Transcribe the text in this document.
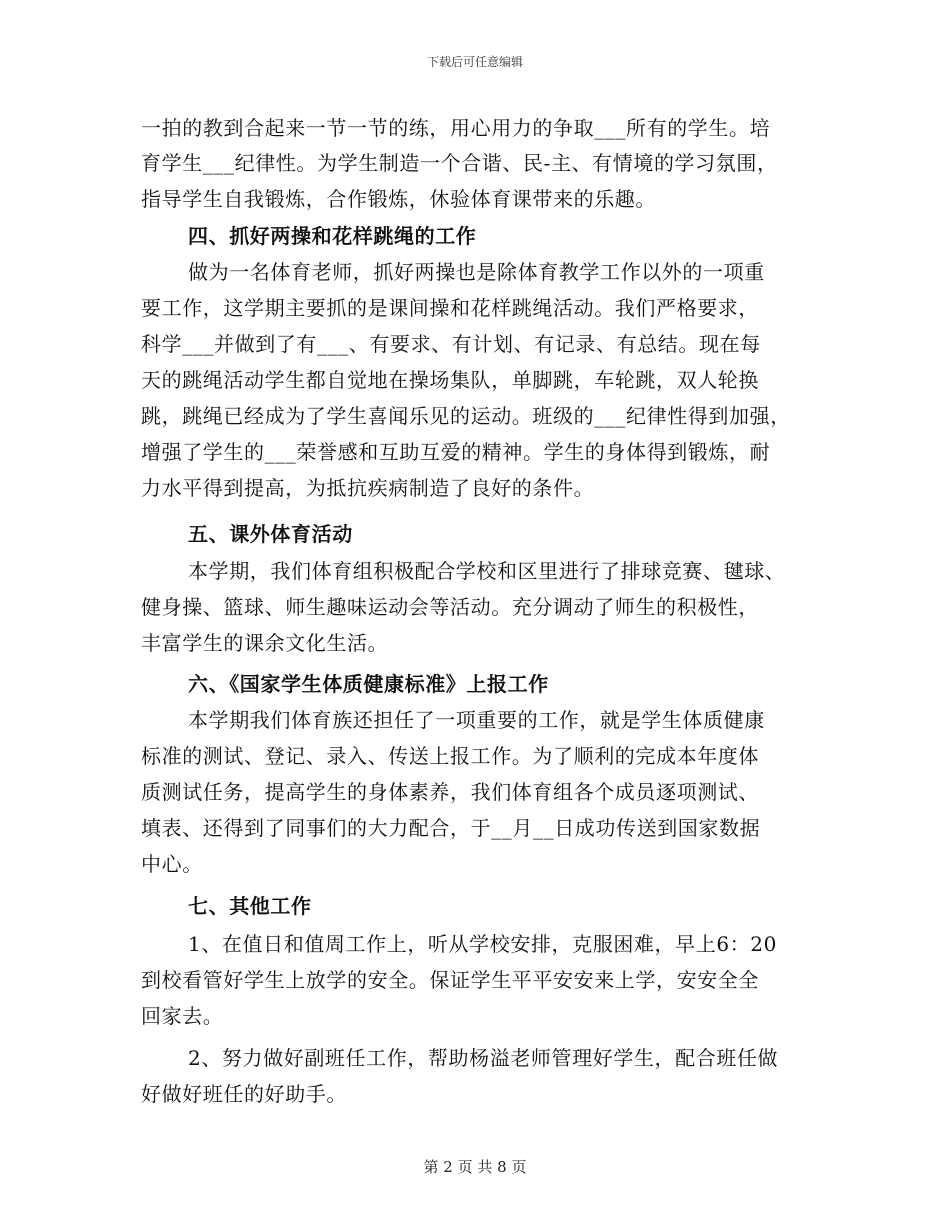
下载后可任意编辑
一拍的教到合起来一节一节的练，用心用力的争取___所有的学生。培
育学生___纪律性。为学生制造一个合谐、民-主、有情境的学习氛围，
指导学生自我锻炼，合作锻炼，休验体育课带来的乐趣。
四、抓好两操和花样跳绳的工作
做为一名体育老师，抓好两操也是除体育教学工作以外的一项重
要工作，这学期主要抓的是课间操和花样跳绳活动。我们严格要求，
科学___并做到了有___、有要求、有计划、有记录、有总结。现在每
天的跳绳活动学生都自觉地在操场集队，单脚跳，车轮跳，双人轮换
跳，跳绳已经成为了学生喜闻乐见的运动。班级的___纪律性得到加强，
增强了学生的___荣誉感和互助互爱的精神。学生的身体得到锻炼，耐
力水平得到提高，为抵抗疾病制造了良好的条件。
五、课外体育活动
本学期，我们体育组积极配合学校和区里进行了排球竞赛、毽球、
健身操、篮球、师生趣味运动会等活动。充分调动了师生的积极性，
丰富学生的课余文化生活。
六、《国家学生体质健康标准》上报工作
本学期我们体育族还担任了一项重要的工作，就是学生体质健康
标准的测试、登记、录入、传送上报工作。为了顺利的完成本年度体
质测试任务，提高学生的身体素养，我们体育组各个成员逐项测试、
填表、还得到了同事们的大力配合，于__月__日成功传送到国家数据
中心。
七、其他工作
1、在值日和值周工作上，听从学校安排，克服困难，早上6：20
到校看管好学生上放学的安全。保证学生平平安安来上学，安安全全
回家去。
2、努力做好副班任工作，帮助杨溢老师管理好学生，配合班任做
好做好班任的好助手。
第 2 页 共 8 页
